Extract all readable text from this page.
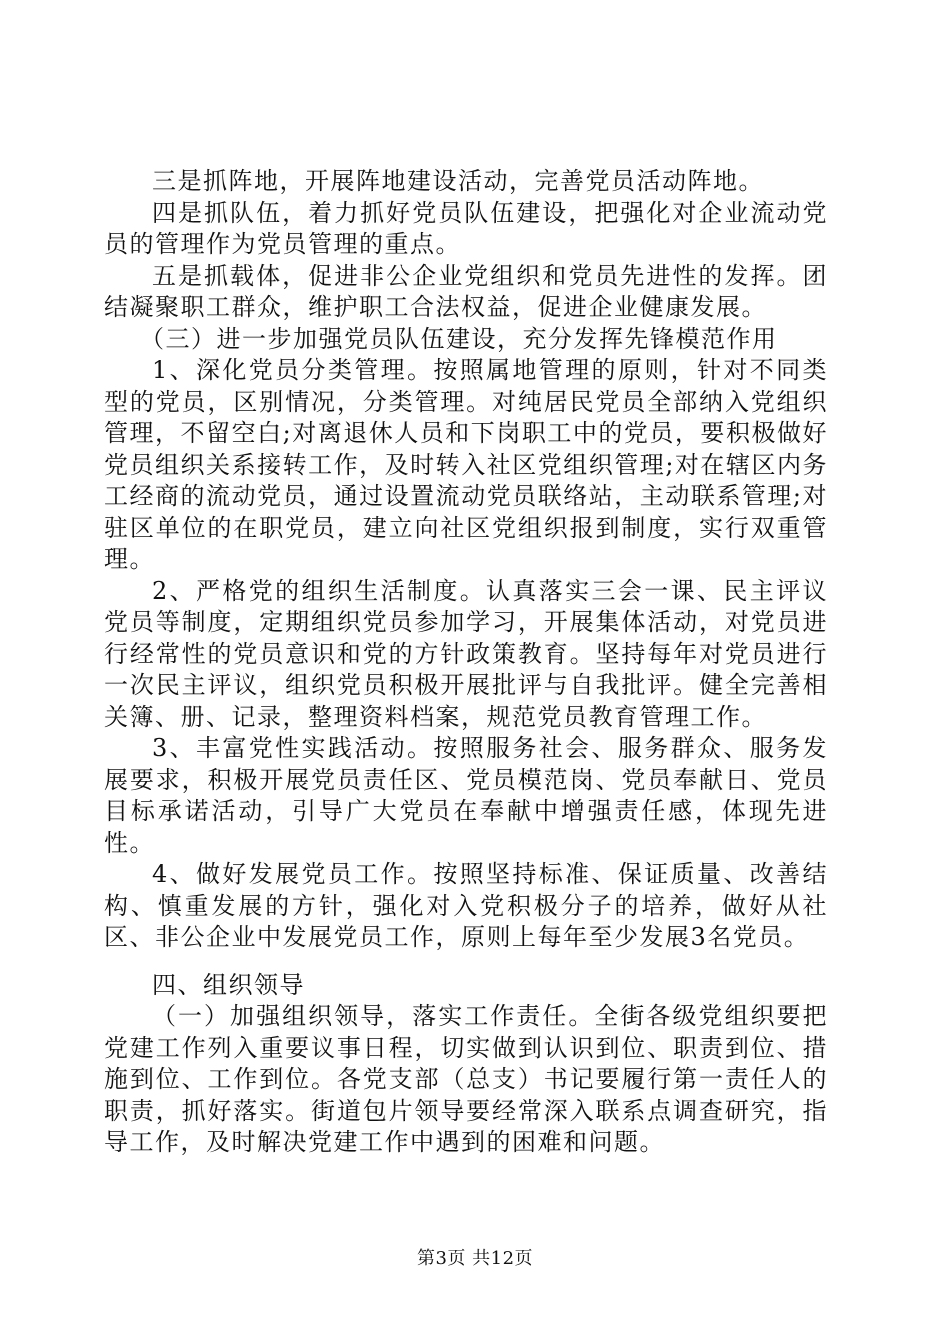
三是抓阵地，开展阵地建设活动，完善党员活动阵地。

四是抓队伍，着力抓好党员队伍建设，把强化对企业流动党员的管理作为党员管理的重点。

五是抓载体，促进非公企业党组织和党员先进性的发挥。团结凝聚职工群众，维护职工合法权益，促进企业健康发展。

（三）进一步加强党员队伍建设，充分发挥先锋模范作用

1、深化党员分类管理。按照属地管理的原则，针对不同类型的党员，区别情况，分类管理。对纯居民党员全部纳入党组织管理，不留空白;对离退休人员和下岗职工中的党员，要积极做好党员组织关系接转工作，及时转入社区党组织管理;对在辖区内务工经商的流动党员，通过设置流动党员联络站，主动联系管理;对驻区单位的在职党员，建立向社区党组织报到制度，实行双重管理。

2、严格党的组织生活制度。认真落实三会一课、民主评议党员等制度，定期组织党员参加学习，开展集体活动，对党员进行经常性的党员意识和党的方针政策教育。坚持每年对党员进行一次民主评议，组织党员积极开展批评与自我批评。健全完善相关簿、册、记录，整理资料档案，规范党员教育管理工作。

3、丰富党性实践活动。按照服务社会、服务群众、服务发展要求，积极开展党员责任区、党员模范岗、党员奉献日、党员目标承诺活动，引导广大党员在奉献中增强责任感，体现先进性。

4、做好发展党员工作。按照坚持标准、保证质量、改善结构、慎重发展的方针，强化对入党积极分子的培养，做好从社区、非公企业中发展党员工作，原则上每年至少发展3名党员。

四、组织领导

（一）加强组织领导，落实工作责任。全街各级党组织要把党建工作列入重要议事日程，切实做到认识到位、职责到位、措施到位、工作到位。各党支部（总支）书记要履行第一责任人的职责，抓好落实。街道包片领导要经常深入联系点调查研究，指导工作，及时解决党建工作中遇到的困难和问题。

第3页 共12页
